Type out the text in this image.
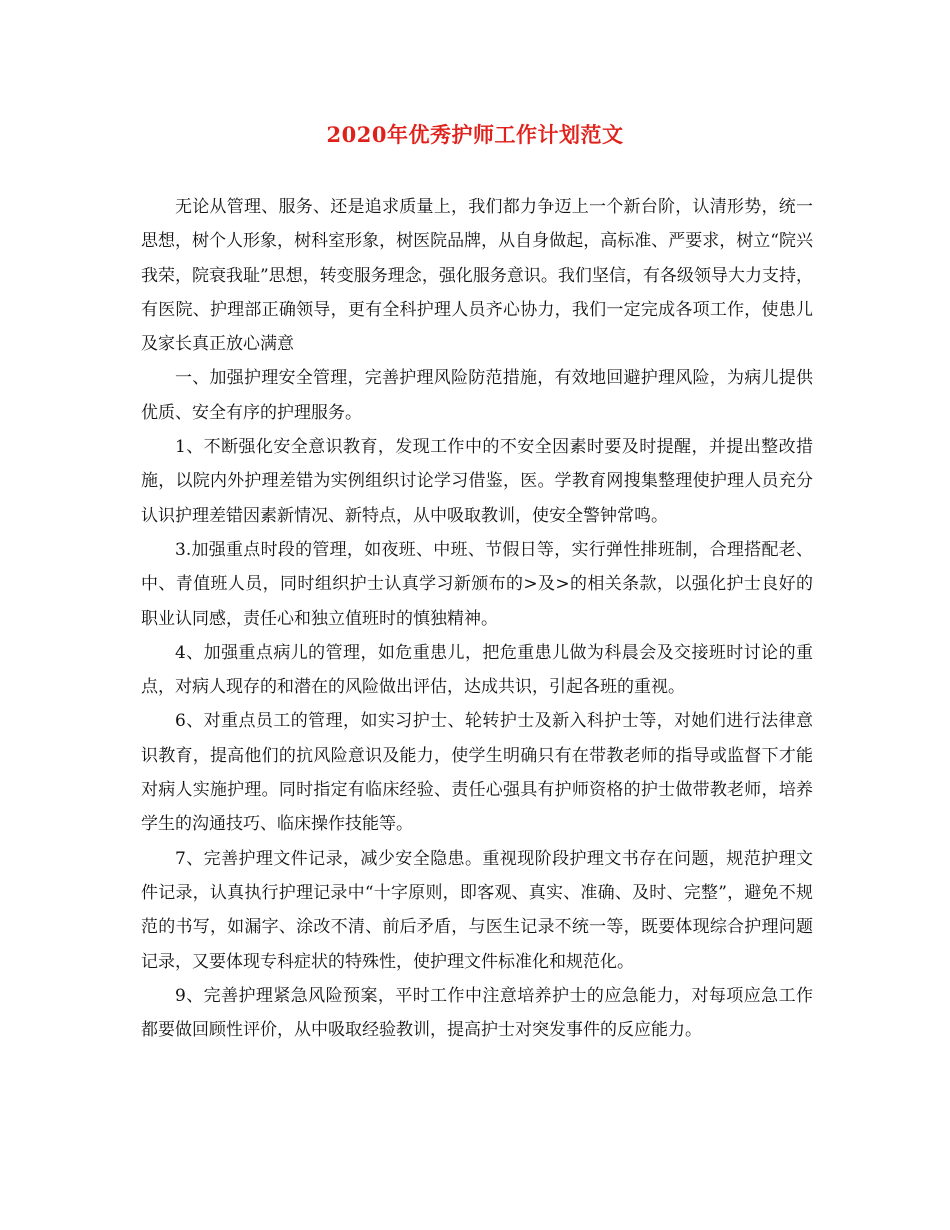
2020年优秀护师工作计划范文

无论从管理、服务、还是追求质量上，我们都力争迈上一个新台阶，认清形势，统一思想，树个人形象，树科室形象，树医院品牌，从自身做起，高标准、严要求，树立“院兴我荣，院衰我耻”思想，转变服务理念，强化服务意识。我们坚信，有各级领导大力支持，有医院、护理部正确领导，更有全科护理人员齐心协力，我们一定完成各项工作，使患儿及家长真正放心满意

一、加强护理安全管理，完善护理风险防范措施，有效地回避护理风险，为病儿提供优质、安全有序的护理服务。

1、不断强化安全意识教育，发现工作中的不安全因素时要及时提醒，并提出整改措施，以院内外护理差错为实例组织讨论学习借鉴，医。学教育网搜集整理使护理人员充分认识护理差错因素新情况、新特点，从中吸取教训，使安全警钟常鸣。

3.加强重点时段的管理，如夜班、中班、节假日等，实行弹性排班制，合理搭配老、中、青值班人员，同时组织护士认真学习新颁布的>及>的相关条款，以强化护士良好的职业认同感，责任心和独立值班时的慎独精神。

4、加强重点病儿的管理，如危重患儿，把危重患儿做为科晨会及交接班时讨论的重点，对病人现存的和潜在的风险做出评估，达成共识，引起各班的重视。

6、对重点员工的管理，如实习护士、轮转护士及新入科护士等，对她们进行法律意识教育，提高他们的抗风险意识及能力，使学生明确只有在带教老师的指导或监督下才能对病人实施护理。同时指定有临床经验、责任心强具有护师资格的护士做带教老师，培养学生的沟通技巧、临床操作技能等。

7、完善护理文件记录，减少安全隐患。重视现阶段护理文书存在问题，规范护理文件记录，认真执行护理记录中“十字原则，即客观、真实、准确、及时、完整”，避免不规范的书写，如漏字、涂改不清、前后矛盾，与医生记录不统一等，既要体现综合护理问题记录，又要体现专科症状的特殊性，使护理文件标准化和规范化。

9、完善护理紧急风险预案，平时工作中注意培养护士的应急能力，对每项应急工作都要做回顾性评价，从中吸取经验教训，提高护士对突发事件的反应能力。
